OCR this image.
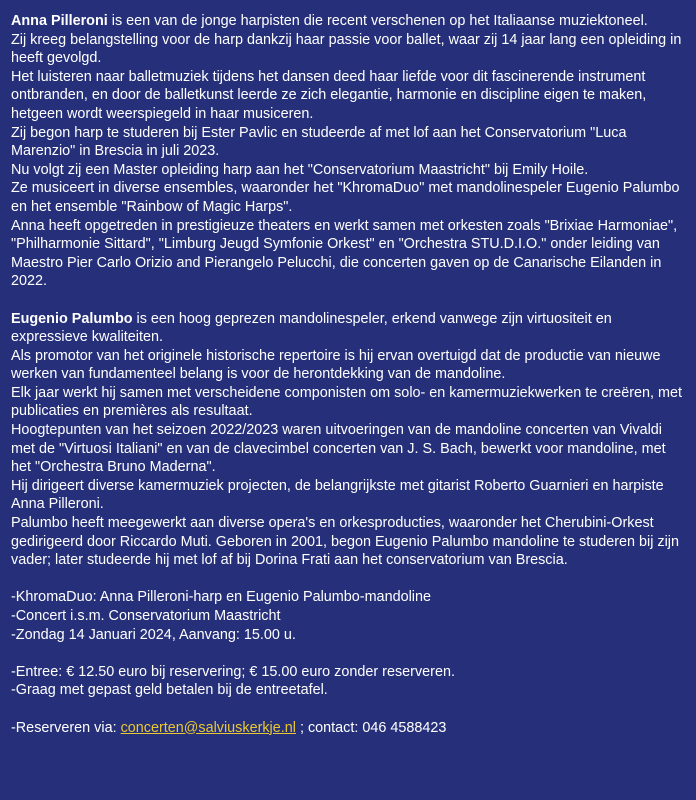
Anna Pilleroni is een van de jonge harpisten die recent verschenen op het Italiaanse muziektoneel.

Zij kreeg belangstelling voor de harp dankzij haar passie voor ballet, waar zij 14 jaar lang een opleiding in heeft gevolgd.

Het luisteren naar balletmuziek tijdens het dansen deed haar liefde voor dit fascinerende instrument ontbranden, en door de balletkunst leerde ze zich elegantie, harmonie en discipline eigen te maken, hetgeen wordt weerspiegeld in haar musiceren.

Zij begon harp te studeren bij Ester Pavlic en studeerde af met lof aan het Conservatorium "Luca Marenzio" in Brescia in juli 2023.

Nu volgt zij een Master opleiding harp aan het "Conservatorium Maastricht" bij Emily Hoile.

Ze musiceert in diverse ensembles, waaronder het "KhromaDuo" met mandolinespeler Eugenio Palumbo en het ensemble "Rainbow of Magic Harps".

Anna heeft opgetreden in prestigieuze theaters en werkt samen met orkesten zoals "Brixiae Harmoniae", "Philharmonie Sittard", "Limburg Jeugd Symfonie Orkest" en "Orchestra STU.D.I.O." onder leiding van Maestro Pier Carlo Orizio and Pierangelo Pelucchi, die concerten gaven op de Canarische Eilanden in 2022.

Eugenio Palumbo is een hoog geprezen mandolinespeler, erkend vanwege zijn virtuositeit en expressieve kwaliteiten.

Als promotor van het originele historische repertoire is hij ervan overtuigd dat de productie van nieuwe werken van fundamenteel belang is voor de herontdekking van de mandoline.

Elk jaar werkt hij samen met verscheidene componisten om solo- en kamermuziekwerken te creëren, met publicaties en premières als resultaat.

Hoogtepunten van het seizoen 2022/2023 waren uitvoeringen van de mandoline concerten van Vivaldi met de "Virtuosi Italiani" en van de clavecimbel concerten van J. S. Bach, bewerkt voor mandoline, met het "Orchestra Bruno Maderna".

Hij dirigeert diverse kamermuziek projecten, de belangrijkste met gitarist Roberto Guarnieri en harpiste Anna Pilleroni.

Palumbo heeft meegewerkt aan diverse opera's en orkesproducties, waaronder het Cherubini-Orkest gedirigeerd door Riccardo Muti. Geboren in 2001, begon Eugenio Palumbo mandoline te studeren bij zijn vader; later studeerde hij met lof af bij Dorina Frati aan het conservatorium van Brescia.

-KhromaDuo: Anna Pilleroni-harp en Eugenio Palumbo-mandoline

-Concert i.s.m. Conservatorium Maastricht

-Zondag 14 Januari 2024, Aanvang: 15.00 u.

-Entree: € 12.50 euro bij reservering; € 15.00 euro zonder reserveren.

-Graag met gepast geld betalen bij de entreetafel.

-Reserveren via: concerten@salviuskerkje.nl ; contact: 046 4588423
